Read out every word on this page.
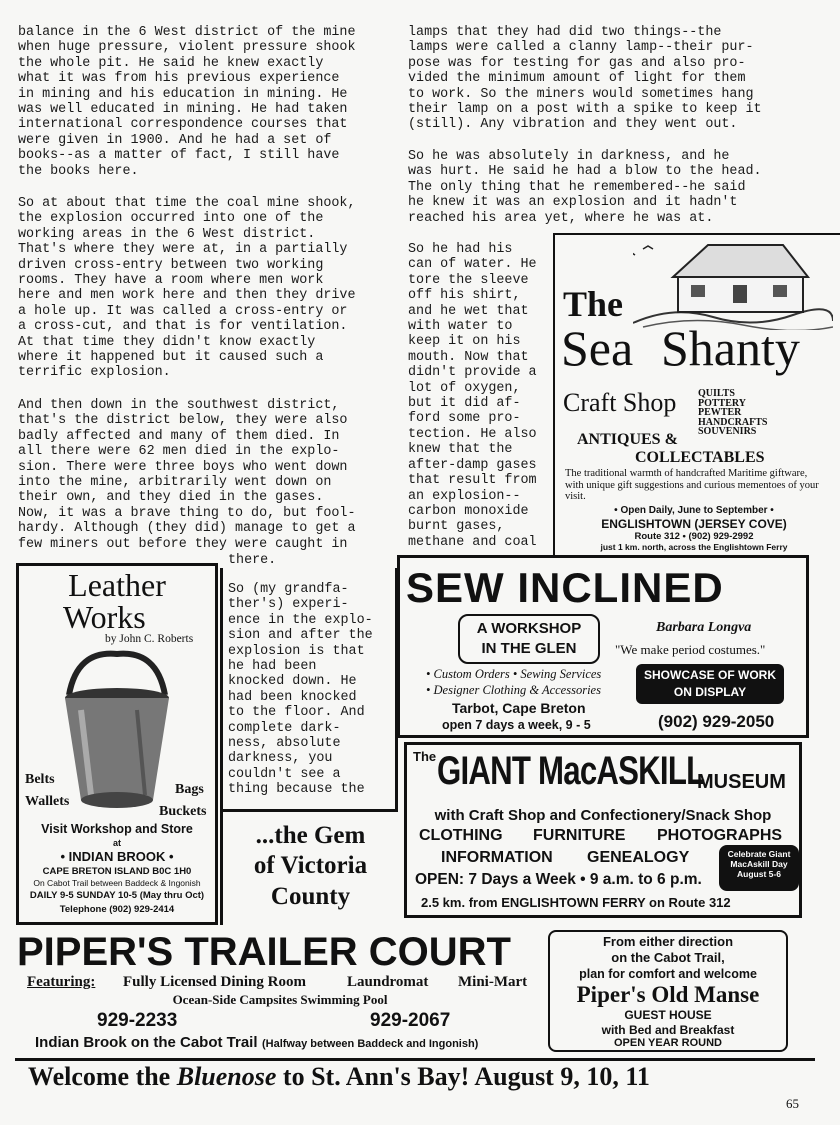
balance in the 6 West district of the mine
when huge pressure, violent pressure shook
the whole pit. He said he knew exactly
what it was from his previous experience
in mining and his education in mining. He
was well educated in mining. He had taken
international correspondence courses that
were given in 1900. And he had a set of
books--as a matter of fact, I still have
the books here.
So at about that time the coal mine shook,
the explosion occurred into one of the
working areas in the 6 West district.
That's where they were at, in a partially
driven cross-entry between two working
rooms. They have a room where men work
here and men work here and then they drive
a hole up. It was called a cross-entry or
a cross-cut, and that is for ventilation.
At that time they didn't know exactly
where it happened but it caused such a
terrific explosion.
And then down in the southwest district,
that's the district below, they were also
badly affected and many of them died. In
all there were 62 men died in the explo-
sion. There were three boys who went down
into the mine, arbitrarily went down on
their own, and they died in the gases.
Now, it was a brave thing to do, but fool-
hardy. Although (they did) manage to get a
few miners out before they were caught in
lamps that they had did two things--the
lamps were called a clanny lamp--their pur-
pose was for testing for gas and also pro-
vided the minimum amount of light for them
to work. So the miners would sometimes hang
their lamp on a post with a spike to keep it
(still). Any vibration and they went out.
So he was absolutely in darkness, and he
was hurt. He said he had a blow to the head.
The only thing that he remembered--he said
he knew it was an explosion and it hadn't
reached his area yet, where he was at.
So he had his
can of water. He
tore the sleeve
off his shirt,
and he wet that
with water to
keep it on his
mouth. Now that
didn't provide a
lot of oxygen,
but it did af-
ford some pro-
tection. He also
knew that the
after-damp gases
that result from
an explosion--
carbon monoxide
burnt gases,
methane and coal
The
Sea Shanty
Craft Shop QUILTS
POTTERY
PEWTER
HANDCRAFTS
SOUVENIRS
ANTIQUES &
COLLECTABLES
The traditional warmth of handcrafted Maritime giftware, with unique gift suggestions and curious mementoes of your visit.
• Open Daily, June to September •
ENGLISHTOWN (JERSEY COVE)
Route 312 • (902) 929-2992
just 1 km. north, across the Englishtown Ferry
Leather
Works
by John C. Roberts
Belts
Wallets
Bags
Buckets
Visit Workshop and Store
at
• INDIAN BROOK •
CAPE BRETON ISLAND B0C 1H0
On Cabot Trail between Baddeck & Ingonish
DAILY 9-5 SUNDAY 10-5 (May thru Oct)
Telephone (902) 929-2414
there.
So (my grandfa-
ther's) experi-
ence in the explo-
sion and after the
explosion is that
he had been
knocked down. He
had been knocked
to the floor. And
complete dark-
ness, absolute
darkness, you
couldn't see a
thing because the
...the Gem
of Victoria
County
SEW INCLINED
A WORKSHOP
IN THE GLEN
Barbara Longva
"We make period costumes."
• Custom Orders • Sewing Services
• Designer Clothing & Accessories
Tarbot, Cape Breton
open 7 days a week, 9 - 5
SHOWCASE OF WORK
ON DISPLAY
(902) 929-2050
The GIANT MacASKILL
MUSEUM
with Craft Shop and Confectionery/Snack Shop
CLOTHING FURNITURE PHOTOGRAPHS
INFORMATION GENEALOGY
OPEN: 7 Days a Week • 9 a.m. to 6 p.m.
Celebrate Giant MacAskill Day August 5-6
2.5 km. from ENGLISHTOWN FERRY on Route 312
PIPER'S TRAILER COURT
Featuring: Fully Licensed Dining Room	Laundromat Mini-Mart
Ocean-Side Campsites Swimming Pool
929-2233	929-2067
Indian Brook on the Cabot Trail (Halfway between Baddeck and Ingonish)
From either direction
on the Cabot Trail,
plan for comfort and welcome
Piper's Old Manse
GUEST HOUSE
with Bed and Breakfast
OPEN YEAR ROUND
Welcome the Bluenose to St. Ann's Bay! August 9, 10, 11
65
